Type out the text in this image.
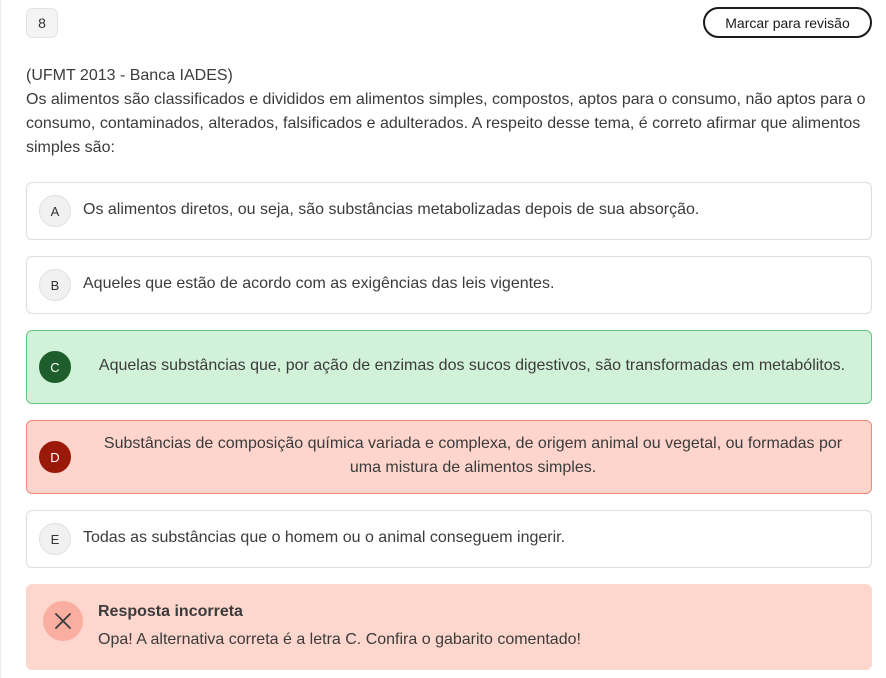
8	Marcar para revisão
(UFMT 2013 - Banca IADES)
Os alimentos são classificados e divididos em alimentos simples, compostos, aptos para o consumo, não aptos para o consumo, contaminados, alterados, falsificados e adulterados. A respeito desse tema, é correto afirmar que alimentos simples são:
A	Os alimentos diretos, ou seja, são substâncias metabolizadas depois de sua absorção.
B	Aqueles que estão de acordo com as exigências das leis vigentes.
C	Aquelas substâncias que, por ação de enzimas dos sucos digestivos, são transformadas em metabólitos.
D
Substâncias de composição química variada e complexa, de origem animal ou vegetal, ou formadas por uma mistura de alimentos simples.
E	Todas as substâncias que o homem ou o animal conseguem ingerir.
Resposta incorreta
Opa! A alternativa correta é a letra C. Confira o gabarito comentado!
